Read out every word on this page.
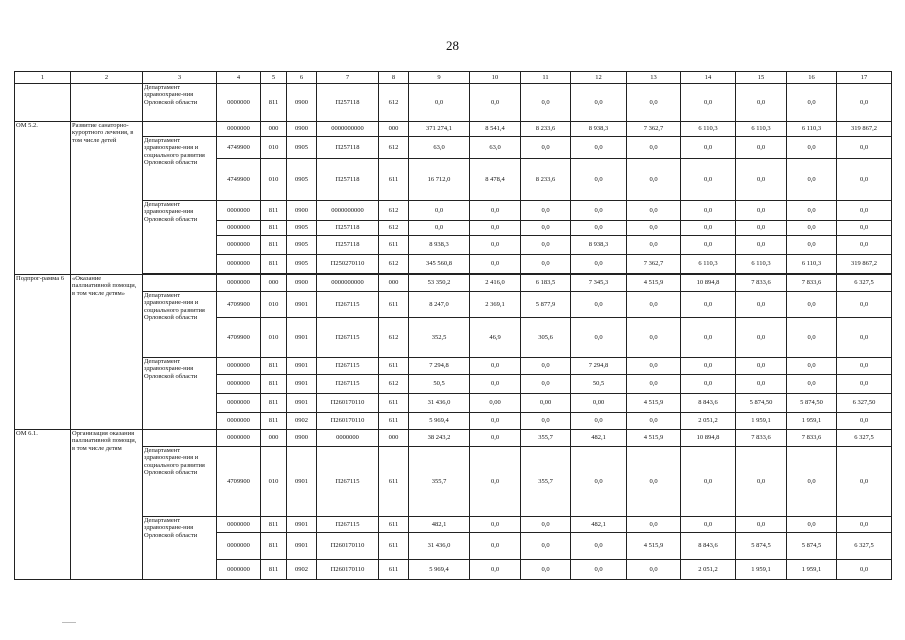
28
1	2	3	4	5	6	7	8	9	10	11	12	13	14	15	16	17
		Департамент здравоохране-ния Орловской области	0000000	811	0900	П257118	612	0,0	0,0	0,0	0,0	0,0	0,0	0,0	0,0	0,0
ОМ 5.2.	Развитие санаторно-курортного лечения, в том числе детей		0000000	000	0900	0000000000	000	371 274,1	8 541,4	8 233,6	8 938,3	7 362,7	6 110,3	6 110,3	6 110,3	319 867,2
		Департамент здравоохране-ния и социального развития Орловской области	4749900	010	0905	П257118	612	63,0	63,0	0,0	0,0	0,0	0,0	0,0	0,0	0,0
			4749900	010	0905	П257118	611	16 712,0	8 478,4	8 233,6	0,0	0,0	0,0	0,0	0,0	0,0
		Департамент здравоохране-ния Орловской области	0000000	811	0900	0000000000	612	0,0	0,0	0,0	0,0	0,0	0,0	0,0	0,0	0,0
			0000000	811	0905	П257118	612	0,0	0,0	0,0	0,0	0,0	0,0	0,0	0,0	0,0
			0000000	811	0905	П257118	611	8 938,3	0,0	0,0	8 938,3	0,0	0,0	0,0	0,0	0,0
			0000000	811	0905	П250270110	612	345 560,8	0,0	0,0	0,0	7 362,7	6 110,3	6 110,3	6 110,3	319 867,2

Подпрог-рамма 6	«Оказание паллиативной помощи, в том числе детям»		0000000	000	0900	0000000000	000	53 350,2	2 416,0	6 183,5	7 345,3	4 515,9	10 894,8	7 833,6	7 833,6	6 327,5
		Департамент здравоохране-ния и социального развития Орловской области	4709900	010	0901	П267115	611	8 247,0	2 369,1	5 877,9	0,0	0,0	0,0	0,0	0,0	0,0
			4709900	010	0901	П267115	612	352,5	46,9	305,6	0,0	0,0	0,0	0,0	0,0	0,0
		Департамент здравоохране-ния Орловской области	0000000	811	0901	П267115	611	7 294,8	0,0	0,0	7 294,8	0,0	0,0	0,0	0,0	0,0
			0000000	811	0901	П267115	612	50,5	0,0	0,0	50,5	0,0	0,0	0,0	0,0	0,0
			0000000	811	0901	П260170110	611	31 436,0	0,00	0,00	0,00	4 515,9	8 843,6	5 874,50	5 874,50	6 327,50
			0000000	811	0902	П260170110	611	5 969,4	0,0	0,0	0,0	0,0	2 051,2	1 959,1	1 959,1	0,0
ОМ 6.1.	Организация оказания паллиативной помощи, в том числе детям		0000000	000	0900	0000000	000	38 243,2	0,0	355,7	482,1	4 515,9	10 894,8	7 833,6	7 833,6	6 327,5
		Департамент здравоохране-ния и социального развития Орловской области	4709900	010	0901	П267115	611	355,7	0,0	355,7	0,0	0,0	0,0	0,0	0,0	0,0
		Департамент здравоохране-ния Орловской области	0000000	811	0901	П267115	611	482,1	0,0	0,0	482,1	0,0	0,0	0,0	0,0	0,0
			0000000	811	0901	П260170110	611	31 436,0	0,0	0,0	0,0	4 515,9	8 843,6	5 874,5	5 874,5	6 327,5
			0000000	811	0902	П260170110	611	5 969,4	0,0	0,0	0,0	0,0	2 051,2	1 959,1	1 959,1	0,0
